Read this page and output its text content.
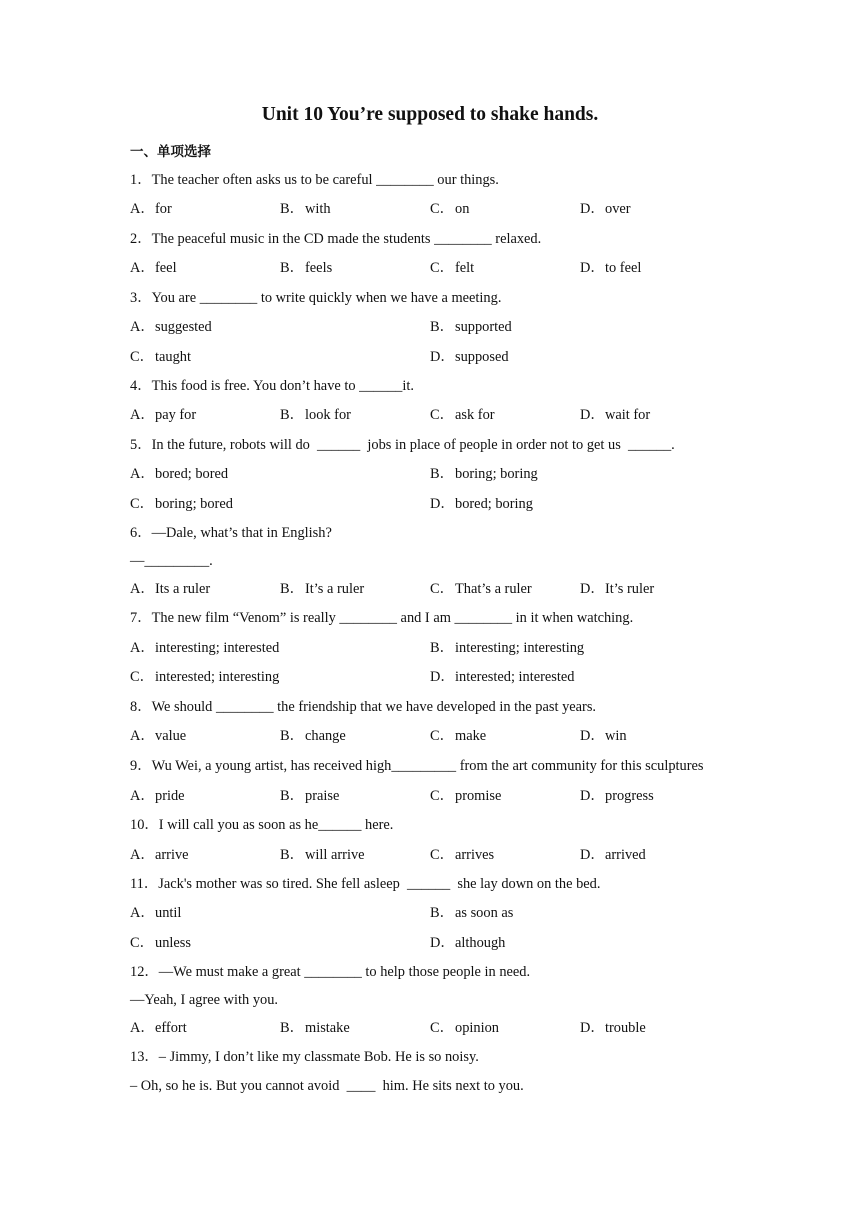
Unit 10 You’re supposed to shake hands.
一、单项选择
1．The teacher often asks us to be careful ________ our things.
A．for	B．with	C．on	D．over
2．The peaceful music in the CD made the students ________ relaxed.
A．feel	B．feels	C．felt	D．to feel
3．You are ________ to write quickly when we have a meeting.
A．suggested	B．supported
C．taught	D．supposed
4．This food is free. You don’t have to ______it.
A．pay for	B．look for	C．ask for	D．wait for
5．In the future, robots will do  ______  jobs in place of people in order not to get us  ______.
A．bored; bored	B．boring; boring
C．boring; bored	D．bored; boring
6．—Dale, what’s that in English?
—_________.
A．Its a ruler	B．It’s a ruler	C．That’s a ruler	D．It’s ruler
7．The new film “Venom” is really ________ and I am ________ in it when watching.
A．interesting; interested	B．interesting; interesting
C．interested; interesting	D．interested; interested
8．We should ________ the friendship that we have developed in the past years.
A．value	B．change	C．make	D．win
9．Wu Wei, a young artist, has received high_________ from the art community for this sculptures
A．pride	B．praise	C．promise	D．progress
10．I will call you as soon as he______ here.
A．arrive	B．will arrive	C．arrives	D．arrived
11．Jack's mother was so tired. She fell asleep  ______  she lay down on the bed.
A．until	B．as soon as
C．unless	D．although
12．—We must make a great ________ to help those people in need.
—Yeah, I agree with you.
A．effort	B．mistake	C．opinion	D．trouble
13．– Jimmy, I don’t like my classmate Bob. He is so noisy.
– Oh, so he is. But you cannot avoid  ____  him. He sits next to you.
